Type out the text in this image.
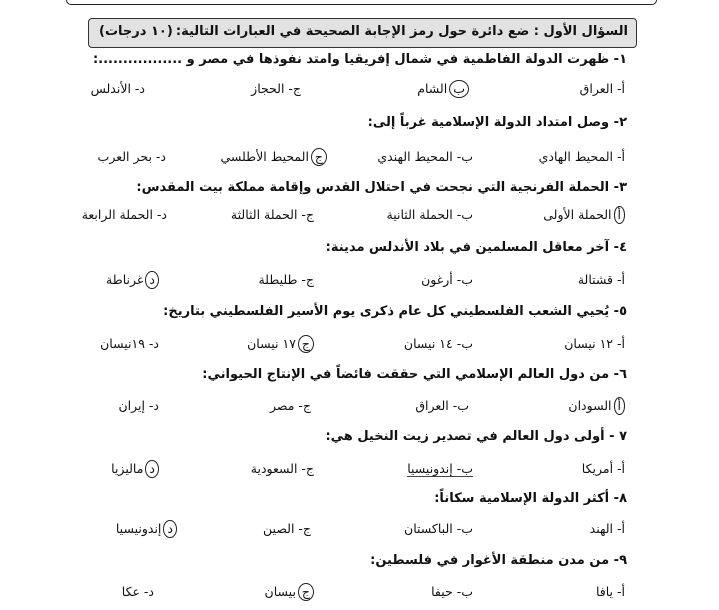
السؤال الأول : ضع دائرة حول رمز الإجابة الصحيحة في العبارات التالية:
(١٠ درجات)
١- ظهرت الدولة الفاطمية في شمال إفريقيا وامتد نفوذها في مصر و .................:
أ- العراق
بالشام
ج- الحجاز
د- الأندلس
٢- وصل امتداد الدولة الإسلامية غرباً إلى:
أ- المحيط الهادي
ب- المحيط الهندي
جالمحيط الأطلسي
د- بحر العرب
٣- الحملة الفرنجية التي نجحت في احتلال القدس وإقامة مملكة بيت المقدس:
أالحملة الأولى
ب- الحملة الثانية
ج- الحملة الثالثة
د- الحملة الرابعة
٤- آخر معاقل المسلمين في بلاد الأندلس مدينة:
أ- قشتالة
ب- أرغون
ج- طليطلة
دغرناطة
٥- يُحيي الشعب الفلسطيني كل عام ذكرى يوم الأسير الفلسطيني بتاريخ:
أ- ١٢ نيسان
ب- ١٤ نيسان
ج١٧ نيسان
د- ١٩نيسان
٦- من دول العالم الإسلامي التي حققت فائضاً في الإنتاج الحيواني:
أالسودان
ب- العراق
ج- مصر
د- إيران
٧ - أولى دول العالم في تصدير زيت النخيل هي:
أ- أمريكا
ب- إندونيسيا
ج- السعودية
دماليزيا
٨- أكثر الدولة الإسلامية سكاناً:
أ- الهند
ب- الباكستان
ج- الصين
دإندونيسيا
٩- من مدن منطقة الأغوار في فلسطين:
أ- يافا
ب- حيفا
جبيسان
د- عكا
